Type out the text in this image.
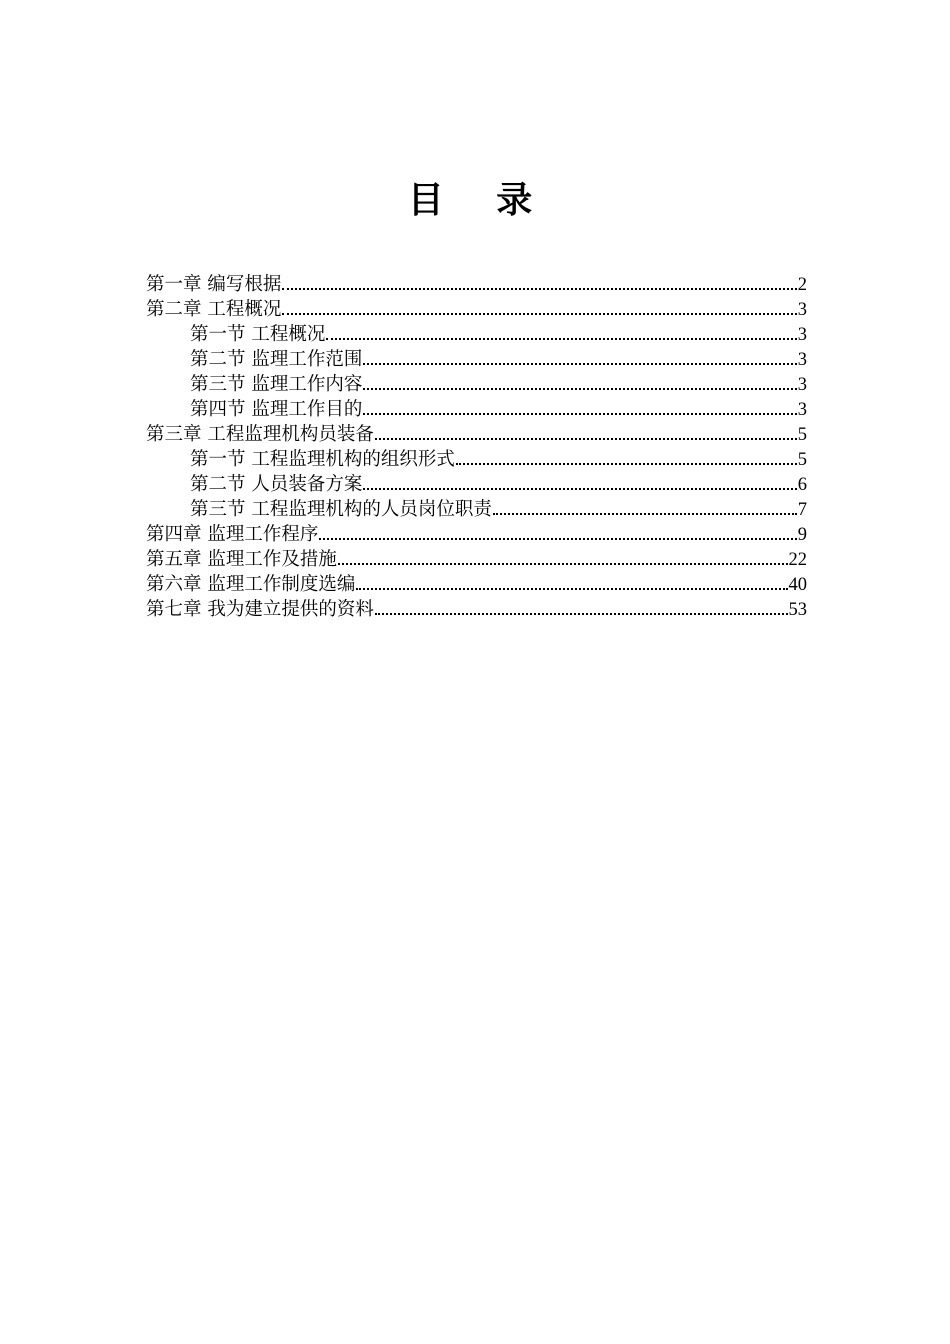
目 录
第一章 编写根据	2
第二章 工程概况	3
第一节 工程概况	3
第二节 监理工作范围	3
第三节 监理工作内容	3
第四节 监理工作目的	3
第三章 工程监理机构员装备	5
第一节 工程监理机构的组织形式	5
第二节 人员装备方案	6
第三节 工程监理机构的人员岗位职责	7
第四章 监理工作程序	9
第五章 监理工作及措施	22
第六章 监理工作制度选编	40
第七章 我为建立提供的资料	53
